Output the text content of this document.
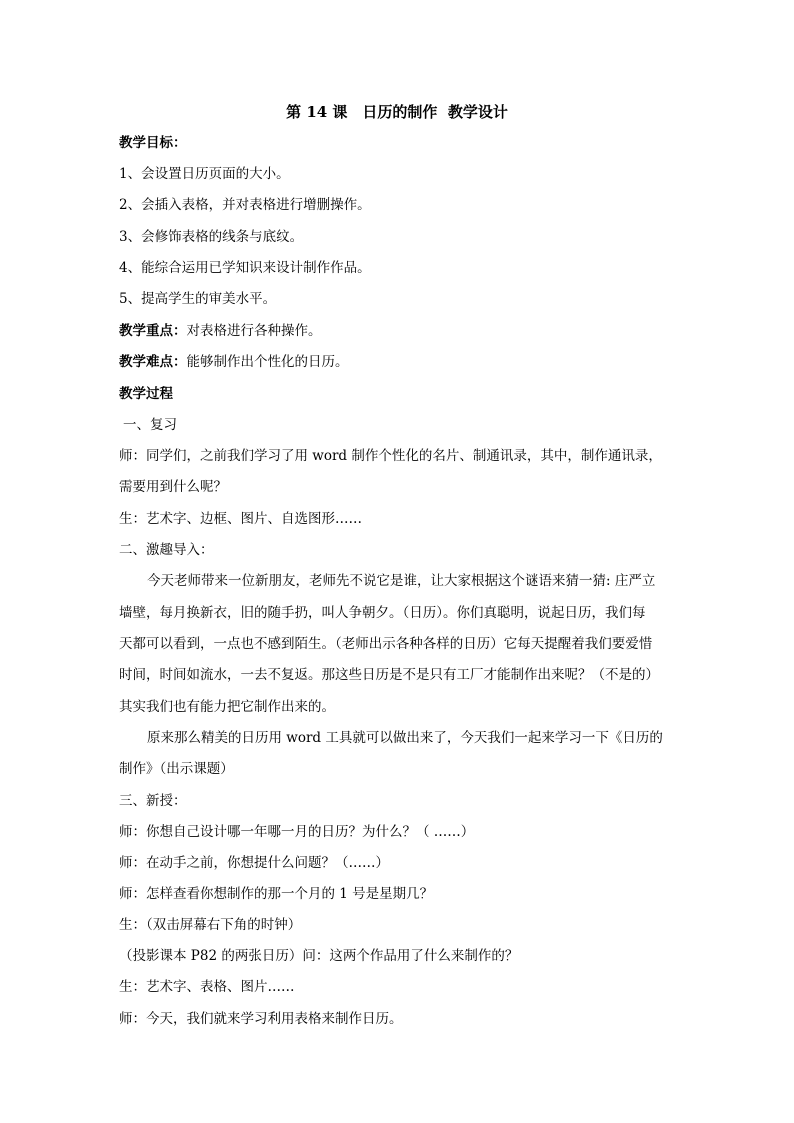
第 14 课　日历的制作  教学设计
教学目标：
1、会设置日历页面的大小。
2、会插入表格，并对表格进行增删操作。
3、会修饰表格的线条与底纹。
4、能综合运用已学知识来设计制作作品。
5、提高学生的审美水平。
教学重点：对表格进行各种操作。
教学难点：能够制作出个性化的日历。
教学过程
一、复习
师：同学们，之前我们学习了用 word 制作个性化的名片、制通讯录，其中，制作通讯录，
需要用到什么呢？
生：艺术字、边框、图片、自选图形……
二、激趣导入：
今天老师带来一位新朋友，老师先不说它是谁，让大家根据这个谜语来猜一猜: 庄严立
墙壁，每月换新衣，旧的随手扔，叫人争朝夕。（日历）。你们真聪明，说起日历，我们每
天都可以看到，一点也不感到陌生。（老师出示各种各样的日历）它每天提醒着我们要爱惜
时间，时间如流水，一去不复返。那这些日历是不是只有工厂才能制作出来呢？（不是的）
其实我们也有能力把它制作出来的。
原来那么精美的日历用 word 工具就可以做出来了，今天我们一起来学习一下《日历的
制作》（出示课题）
三、新授：
师：你想自己设计哪一年哪一月的日历？为什么？（ ……）
师：在动手之前，你想提什么问题？（……）
师：怎样查看你想制作的那一个月的 1 号是星期几？
生：（双击屏幕右下角的时钟）
（投影课本 P82 的两张日历）问：这两个作品用了什么来制作的？
生：艺术字、表格、图片……
师：今天，我们就来学习利用表格来制作日历。
